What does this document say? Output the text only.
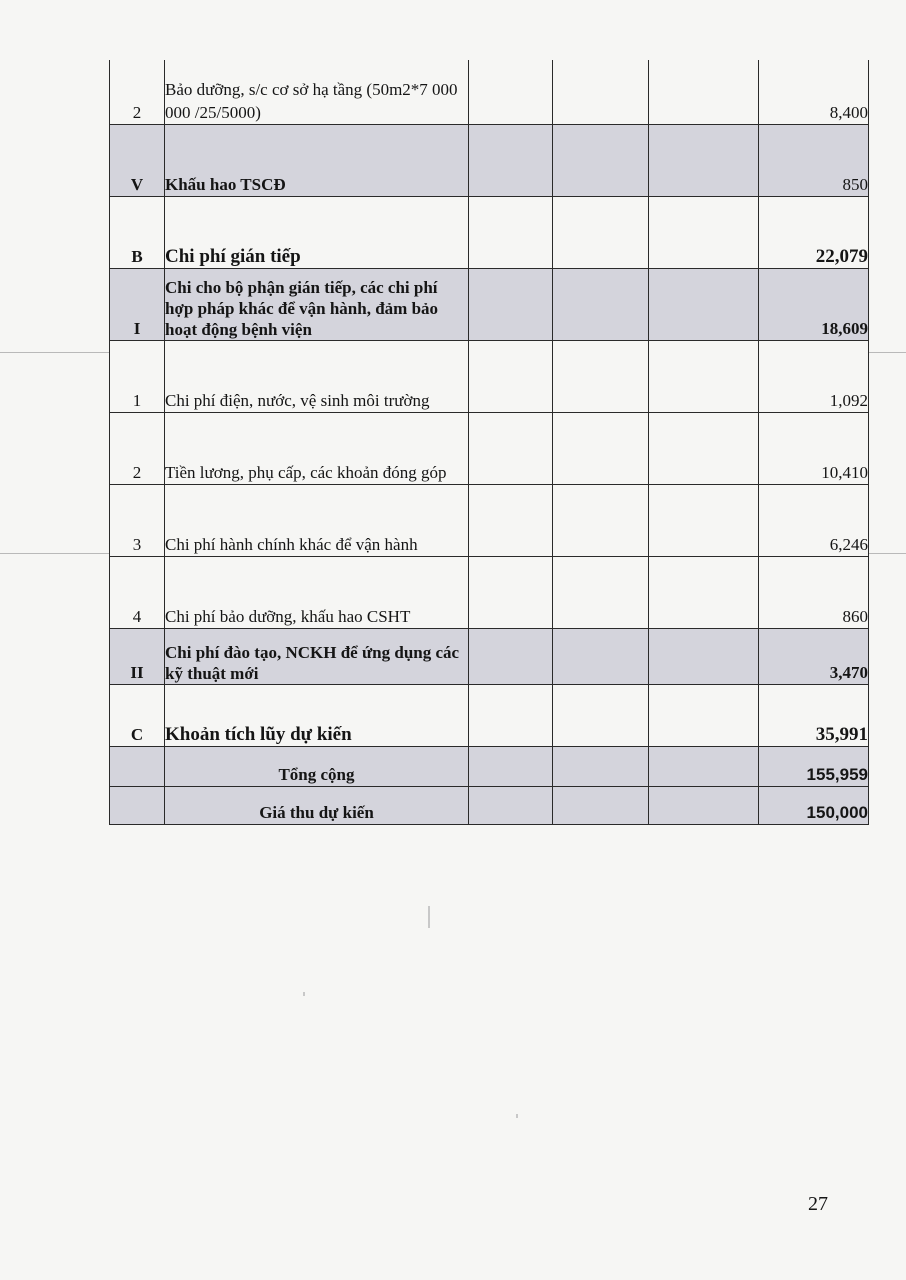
2	Bảo dưỡng, s/c cơ sở hạ tầng (50m2*7 000 000 /25/5000)				8,400
V	Khấu hao TSCĐ				850
B	Chi phí gián tiếp				22,079
I	Chi cho bộ phận gián tiếp, các chi phí hợp pháp khác để vận hành, đảm bảo hoạt động bệnh viện				18,609
1	Chi phí điện, nước, vệ sinh môi trường				1,092
2	Tiền lương, phụ cấp, các khoản đóng góp				10,410
3	Chi phí hành chính khác để vận hành				6,246
4	Chi phí bảo dưỡng, khấu hao CSHT				860
II	Chi phí đào tạo, NCKH để ứng dụng các kỹ thuật mới				3,470
C	Khoản tích lũy dự kiến				35,991
	Tổng cộng				155,959
	Giá thu dự kiến				150,000
27
